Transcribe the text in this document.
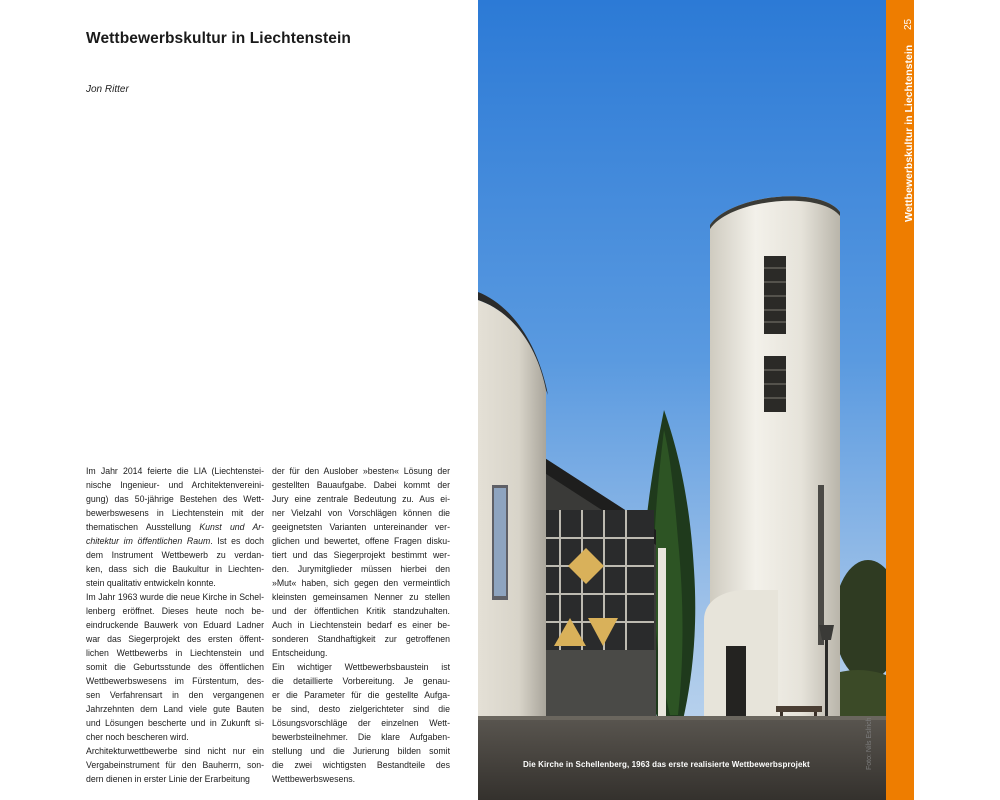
Wettbewerbskultur in Liechtenstein
Jon Ritter
Im Jahr 2014 feierte die LIA (Liechtenstei-
nische Ingenieur- und Architektenvereini-
gung) das 50-jährige Bestehen des Wett-
bewerbswesens in Liechtenstein mit der
thematischen Ausstellung Kunst und Ar-
chitektur im öffentlichen Raum. Ist es doch
dem Instrument Wettbewerb zu verdan-
ken, dass sich die Baukultur in Liechten-
stein qualitativ entwickeln konnte.
Im Jahr 1963 wurde die neue Kirche in Schel-
lenberg eröffnet. Dieses heute noch be-
eindruckende Bauwerk von Eduard Ladner
war das Siegerprojekt des ersten öffent-
lichen Wettbewerbs in Liechtenstein und
somit die Geburtsstunde des öffentlichen
Wettbewerbswesens im Fürstentum, des-
sen Verfahrensart in den vergangenen
Jahrzehnten dem Land viele gute Bauten
und Lösungen bescherte und in Zukunft si-
cher noch bescheren wird.
Architekturwettbewerbe sind nicht nur ein
Vergabeinstrument für den Bauherrn, son-
dern dienen in erster Linie der Erarbeitung
der für den Auslober »besten« Lösung der
gestellten Bauaufgabe. Dabei kommt der
Jury eine zentrale Bedeutung zu. Aus ei-
ner Vielzahl von Vorschlägen können die
geeignetsten Varianten untereinander ver-
glichen und bewertet, offene Fragen disku-
tiert und das Siegerprojekt bestimmt wer-
den. Jurymitglieder müssen hierbei den
»Mut« haben, sich gegen den vermeintlich
kleinsten gemeinsamen Nenner zu stellen
und der öffentlichen Kritik standzuhalten.
Auch in Liechtenstein bedarf es einer be-
sonderen Standhaftigkeit zur getroffenen
Entscheidung.
Ein wichtiger Wettbewerbsbaustein ist
die detaillierte Vorbereitung. Je genau-
er die Parameter für die gestellte Aufga-
be sind, desto zielgerichteter sind die
Lösungsvorschläge der einzelnen Wett-
bewerbsteilnehmer. Die klare Aufgaben-
stellung und die Jurierung bilden somit
die zwei wichtigsten Bestandteile des
Wettbewerbswesens.
Die Kirche in Schellenberg, 1963 das erste realisierte Wettbewerbsprojekt	Foto: Nils Eslrich
25
Wettbewerbskultur in Liechtenstein
